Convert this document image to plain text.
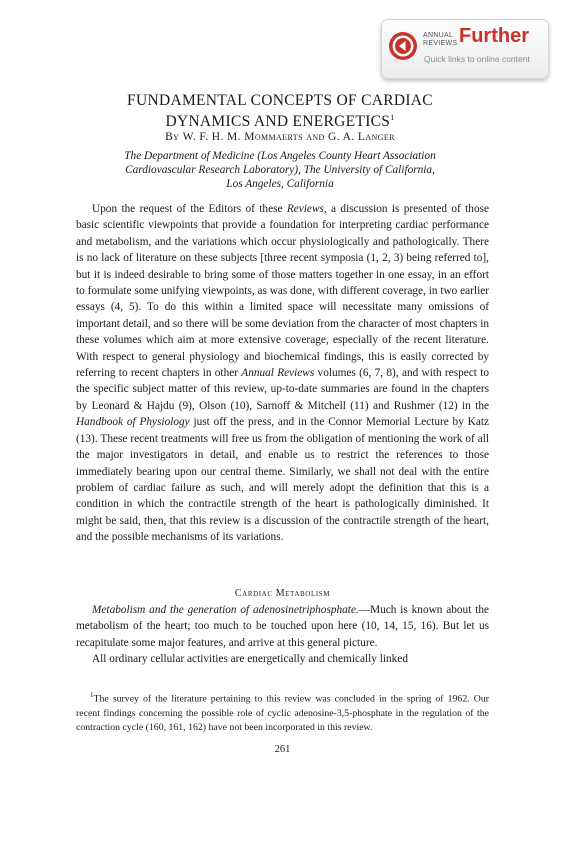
ANNUAL
REVIEWS Further
Quick links to online content
FUNDAMENTAL CONCEPTS OF CARDIAC
DYNAMICS AND ENERGETICS$^1$
By W. F. H. M. Mommaerts and G. A. Langer
The Department of Medicine (Los Angeles County Heart Association
Cardiovascular Research Laboratory), The University of California,
Los Angeles, California

Upon the request of the Editors of these Reviews, a discussion is presented of those basic scientific viewpoints that provide a foundation for interpreting cardiac performance and metabolism, and the variations which occur physiologically and pathologically. There is no lack of literature on these subjects [three recent symposia (1, 2, 3) being referred to], but it is indeed desirable to bring some of those matters together in one essay, in an effort to formulate some unifying viewpoints, as was done, with different coverage, in two earlier essays (4, 5). To do this within a limited space will necessitate many omissions of important detail, and so there will be some deviation from the character of most chapters in these volumes which aim at more extensive coverage, especially of the recent literature. With respect to general physiology and biochemical findings, this is easily corrected by referring to recent chapters in other Annual Reviews volumes (6, 7, 8), and with respect to the specific subject matter of this review, up-to-date summaries are found in the chapters by Leonard & Hajdu (9), Olson (10), Sarnoff & Mitchell (11) and Rushmer (12) in the Handbook of Physiology just off the press, and in the Connor Memorial Lecture by Katz (13). These recent treatments will free us from the obligation of mentioning the work of all the major investigators in detail, and enable us to restrict the references to those immediately bearing upon our central theme. Similarly, we shall not deal with the entire problem of cardiac failure as such, and will merely adopt the definition that this is a condition in which the contractile strength of the heart is pathologically diminished. It might be said, then, that this review is a discussion of the contractile strength of the heart, and the possible mechanisms of its variations.

Cardiac Metabolism

Metabolism and the generation of adenosinetriphosphate.—Much is known about the metabolism of the heart; too much to be touched upon here (10, 14, 15, 16). But let us recapitulate some major features, and arrive at this general picture.

All ordinary cellular activities are energetically and chemically linked

$^1$The survey of the literature pertaining to this review was concluded in the spring of 1962. Our recent findings concerning the possible role of cyclic adenosine-3,5-phosphate in the regulation of the contraction cycle (160, 161, 162) have not been incorporated in this review.

261
